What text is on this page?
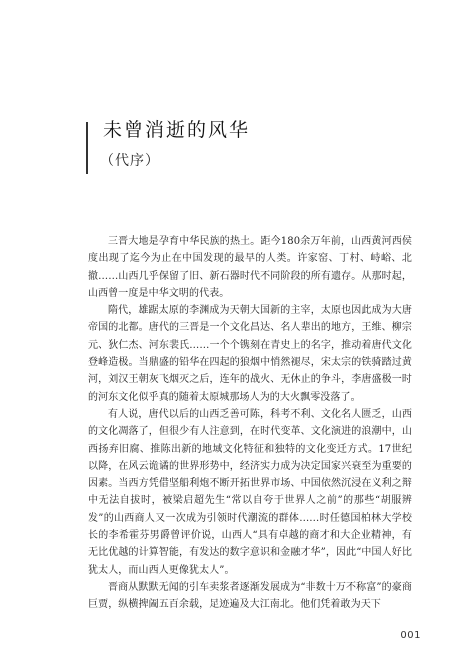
未曾消逝的风华
（代序）

三晋大地是孕育中华民族的热土。距今180余万年前，山西黄河西侯度出现了迄今为止在中国发现的最早的人类。许家窑、丁村、峙峪、北撤……山西几乎保留了旧、新石器时代不同阶段的所有遗存。从那时起，山西曾一度是中华文明的代表。

隋代，雄踞太原的李渊成为天朝大国新的主宰，太原也因此成为大唐帝国的北都。唐代的三晋是一个文化昌达、名人辈出的地方，王维、柳宗元、狄仁杰、河东裴氏……一个个镌刻在青史上的名字，推动着唐代文化登峰造极。当鼎盛的铅华在四起的狼烟中悄然褪尽，宋太宗的铁骑踏过黄河，刘汉王朝灰飞烟灭之后，连年的战火、无休止的争斗，李唐盛极一时的河东文化似乎真的随着太原城那场人为的大火飘零没落了。

有人说，唐代以后的山西乏善可陈，科考不利、文化名人匮乏，山西的文化凋落了，但很少有人注意到，在时代变革、文化演进的浪潮中，山西扬弃旧腐、推陈出新的地域文化特征和独特的文化变迁方式。17世纪以降，在风云诡谲的世界形势中，经济实力成为决定国家兴衰至为重要的因素。当西方凭借坚船利炮不断开拓世界市场、中国依然沉浸在义利之辩中无法自拔时，被梁启超先生“常以自夸于世界人之前”的那些“胡服辨发”的山西商人又一次成为引领时代潮流的群体……时任德国柏林大学校长的李希霍芬男爵曾评价说，山西人“具有卓越的商才和大企业精神，有无比优越的计算智能，有发达的数字意识和金融才华”，因此“中国人好比犹太人，而山西人更像犹太人”。

晋商从默默无闻的引车卖浆者逐渐发展成为“非数十万不称富”的豪商巨贾，纵横捭阖五百余载，足迹遍及大江南北。他们凭着敢为天下

001
